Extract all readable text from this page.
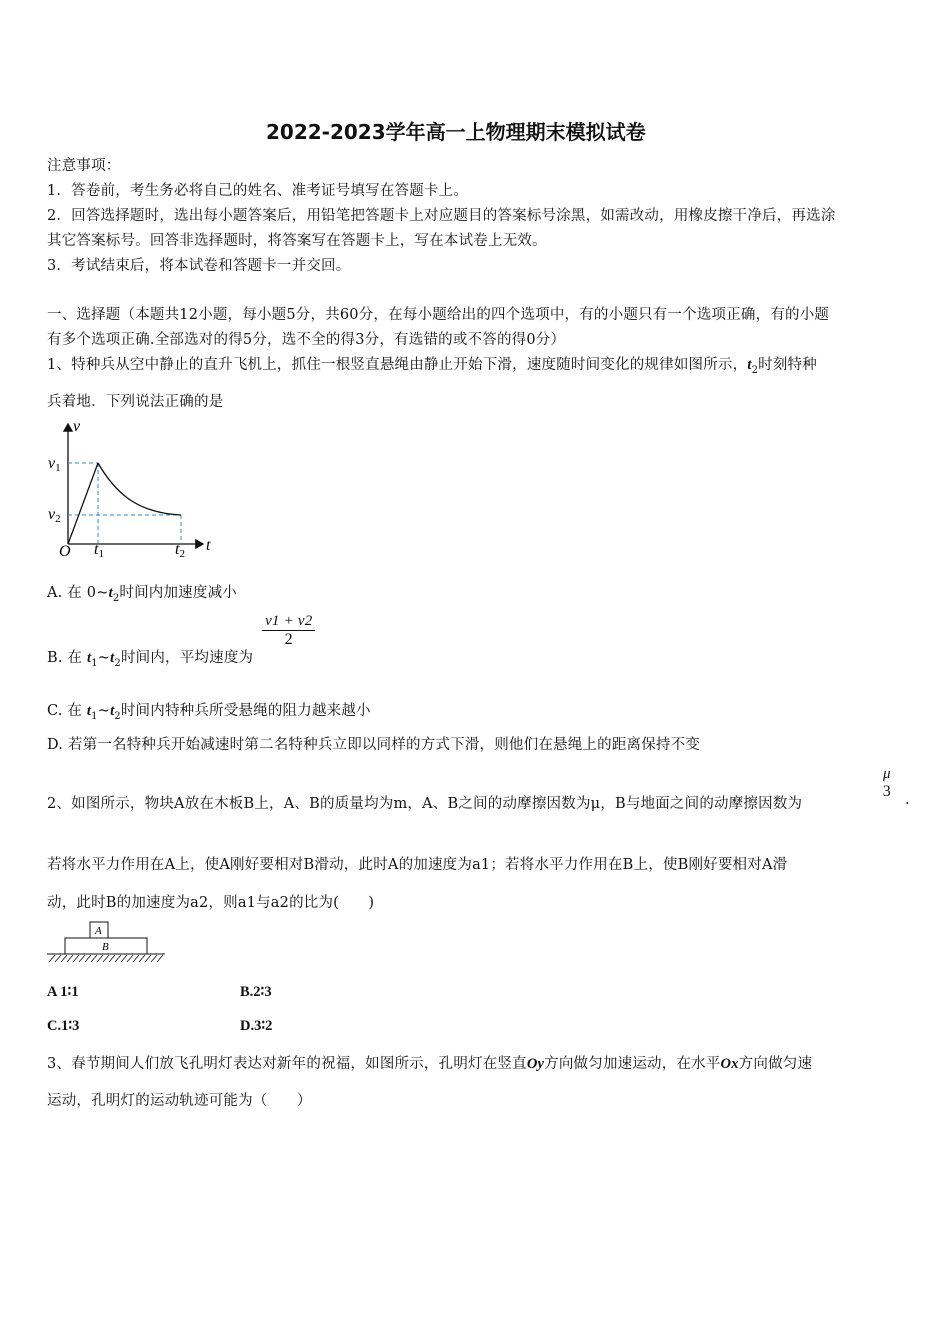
2022-2023学年高一上物理期末模拟试卷
注意事项：
1．答卷前，考生务必将自己的姓名、准考证号填写在答题卡上。
2．回答选择题时，选出每小题答案后，用铅笔把答题卡上对应题目的答案标号涂黑，如需改动，用橡皮擦干净后，再选涂
其它答案标号。回答非选择题时，将答案写在答题卡上，写在本试卷上无效。
3．考试结束后，将本试卷和答题卡一并交回。
一、选择题（本题共12小题，每小题5分，共60分，在每小题给出的四个选项中，有的小题只有一个选项正确，有的小题
有多个选项正确.全部选对的得5分，选不全的得3分，有选错的或不答的得0分）
1、特种兵从空中静止的直升飞机上，抓住一根竖直悬绳由静止开始下滑，速度随时间变化的规律如图所示，$t_2$时刻特种
兵着地．下列说法正确的是
v
t
O
v1
v2
t1	t2
A. 在 $0\sim t_2$时间内加速度减小
B. 在 $t_1\sim t_2$时间内，平均速度为
$\frac{v1 + v2}{2}$
C. 在 $t_1\sim t_2$时间内特种兵所受悬绳的阻力越来越小
D. 若第一名特种兵开始减速时第二名特种兵立即以同样的方式下滑，则他们在悬绳上的距离保持不变
2、如图所示，物块A放在木板B上，A、B的质量均为m，A、B之间的动摩擦因数为μ，B与地面之间的动摩擦因数为
μ
3 .
若将水平力作用在A上，使A刚好要相对B滑动，此时A的加速度为a1；若将水平力作用在B上，使B刚好要相对A滑
动，此时B的加速度为a2，则a1与a2的比为(　　)
A
B
A 1∶1	B.2∶3
C.1∶3	D.3∶2
3、春节期间人们放飞孔明灯表达对新年的祝福，如图所示，孔明灯在竖直Oy方向做匀加速运动，在水平Ox方向做匀速
运动，孔明灯的运动轨迹可能为（　　）
